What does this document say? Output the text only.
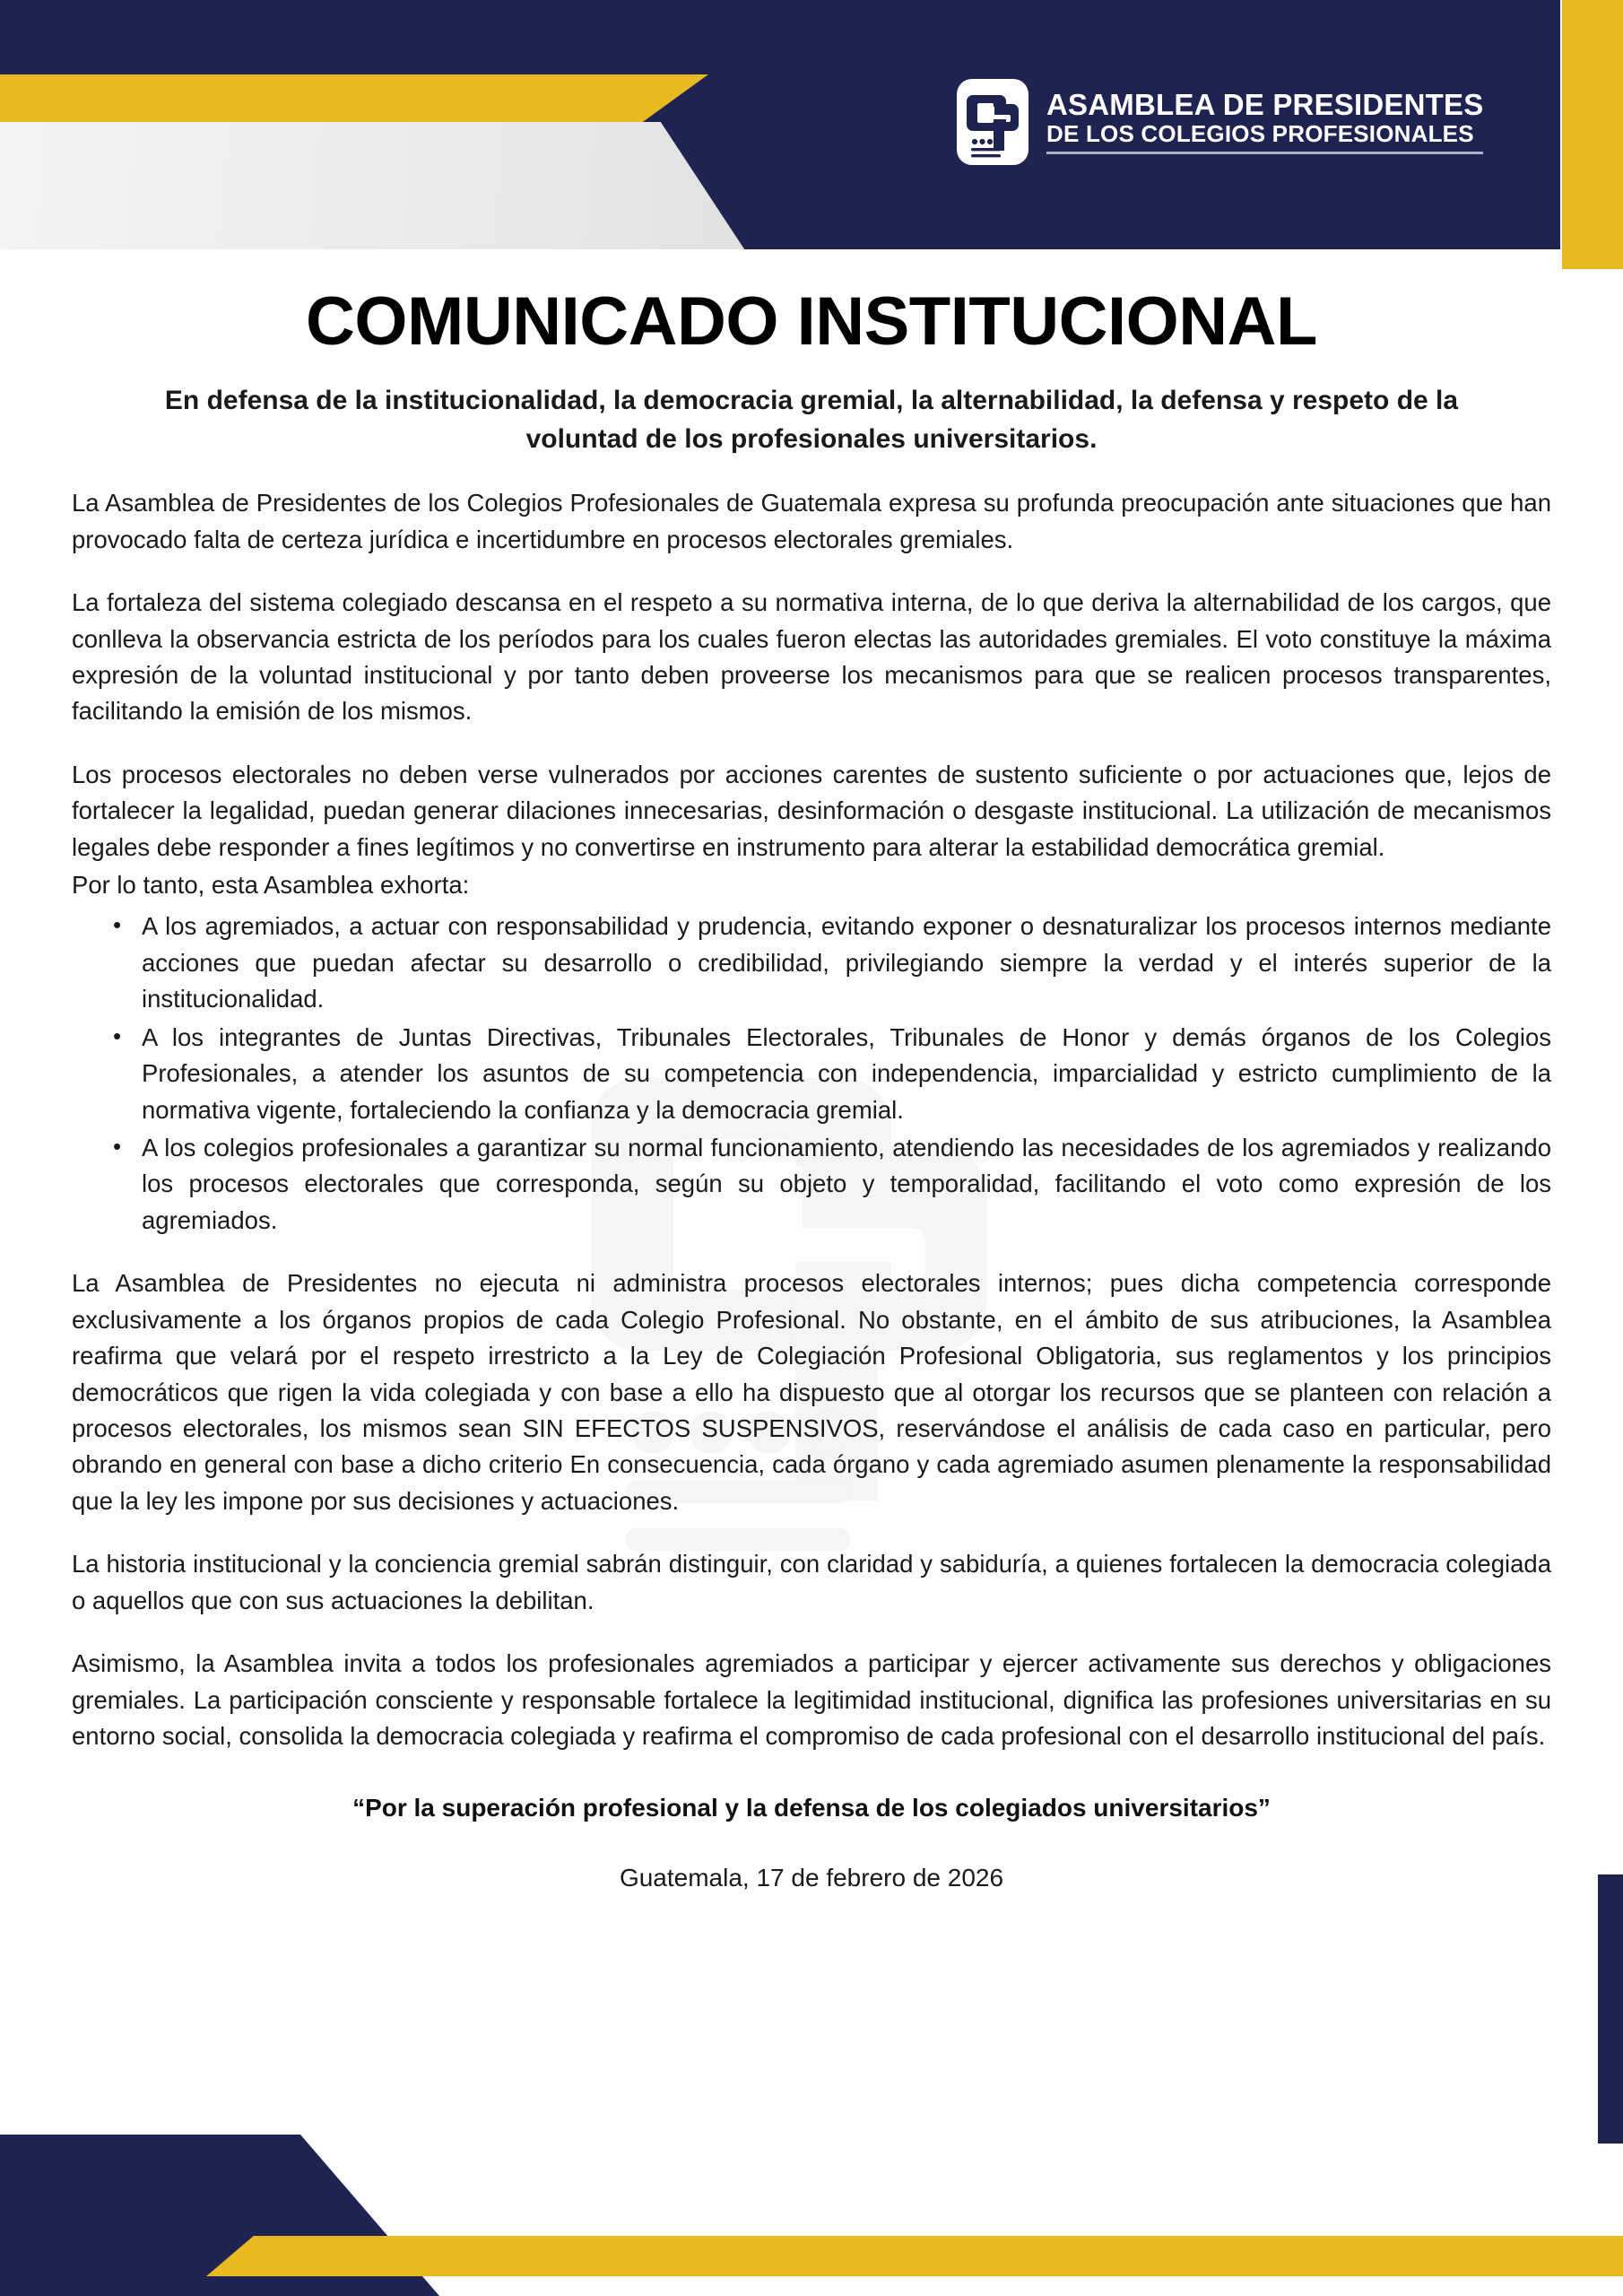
ASAMBLEA DE PRESIDENTES
DE LOS COLEGIOS PROFESIONALES
COMUNICADO INSTITUCIONAL

En defensa de la institucionalidad, la democracia gremial, la alternabilidad, la defensa y respeto de la voluntad de los profesionales universitarios.

La Asamblea de Presidentes de los Colegios Profesionales de Guatemala expresa su profunda preocupación ante situaciones que han provocado falta de certeza jurídica e incertidumbre en procesos electorales gremiales.

La fortaleza del sistema colegiado descansa en el respeto a su normativa interna, de lo que deriva la alternabilidad de los cargos, que conlleva la observancia estricta de los períodos para los cuales fueron electas las autoridades gremiales. El voto constituye la máxima expresión de la voluntad institucional y por tanto deben proveerse los mecanismos para que se realicen procesos transparentes, facilitando la emisión de los mismos.

Los procesos electorales no deben verse vulnerados por acciones carentes de sustento suficiente o por actuaciones que, lejos de fortalecer la legalidad, puedan generar dilaciones innecesarias, desinformación o desgaste institucional. La utilización de mecanismos legales debe responder a fines legítimos y no convertirse en instrumento para alterar la estabilidad democrática gremial.

Por lo tanto, esta Asamblea exhorta:

• A los agremiados, a actuar con responsabilidad y prudencia, evitando exponer o desnaturalizar los procesos internos mediante acciones que puedan afectar su desarrollo o credibilidad, privilegiando siempre la verdad y el interés superior de la institucionalidad.
• A los integrantes de Juntas Directivas, Tribunales Electorales, Tribunales de Honor y demás órganos de los Colegios Profesionales, a atender los asuntos de su competencia con independencia, imparcialidad y estricto cumplimiento de la normativa vigente, fortaleciendo la confianza y la democracia gremial.
• A los colegios profesionales a garantizar su normal funcionamiento, atendiendo las necesidades de los agremiados y realizando los procesos electorales que corresponda, según su objeto y temporalidad, facilitando el voto como expresión de los agremiados.

La Asamblea de Presidentes no ejecuta ni administra procesos electorales internos; pues dicha competencia corresponde exclusivamente a los órganos propios de cada Colegio Profesional. No obstante, en el ámbito de sus atribuciones, la Asamblea reafirma que velará por el respeto irrestricto a la Ley de Colegiación Profesional Obligatoria, sus reglamentos y los principios democráticos que rigen la vida colegiada y con base a ello ha dispuesto que al otorgar los recursos que se planteen con relación a procesos electorales, los mismos sean SIN EFECTOS SUSPENSIVOS, reservándose el análisis de cada caso en particular, pero obrando en general con base a dicho criterio En consecuencia, cada órgano y cada agremiado asumen plenamente la responsabilidad que la ley les impone por sus decisiones y actuaciones.

La historia institucional y la conciencia gremial sabrán distinguir, con claridad y sabiduría, a quienes fortalecen la democracia colegiada o aquellos que con sus actuaciones la debilitan.

Asimismo, la Asamblea invita a todos los profesionales agremiados a participar y ejercer activamente sus derechos y obligaciones gremiales. La participación consciente y responsable fortalece la legitimidad institucional, dignifica las profesiones universitarias en su entorno social, consolida la democracia colegiada y reafirma el compromiso de cada profesional con el desarrollo institucional del país.

“Por la superación profesional y la defensa de los colegiados universitarios”

Guatemala, 17 de febrero de 2026
